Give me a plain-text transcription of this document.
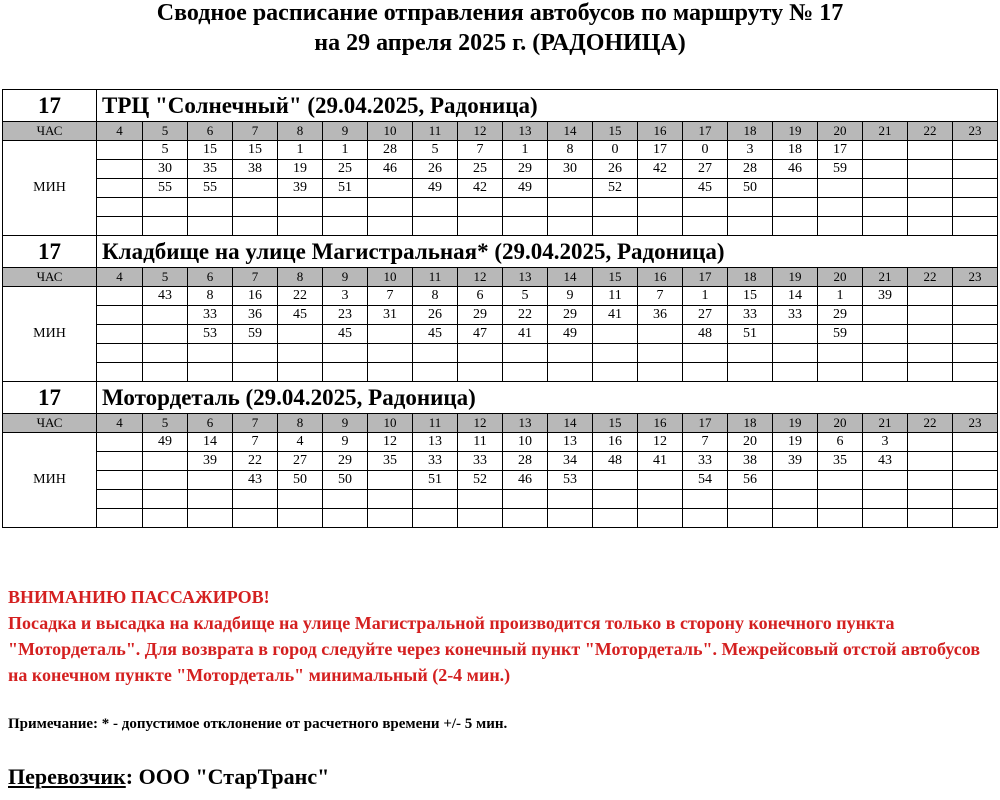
Сводное расписание отправления автобусов по маршруту № 17
на 29 апреля 2025 г. (РАДОНИЦА)
17	ТРЦ "Солнечный" (29.04.2025, Радоница)																			
ЧАС	4	5	6	7	8	9	10	11	12	13	14	15	16	17	18	19	20	21	22	23
МИН		5	15	15	1	1	28	5	7	1	8	0	17	0	3	18	17			
		30	35	38	19	25	46	26	25	29	30	26	42	27	28	46	59			
		55	55		39	51		49	42	49		52		45	50					

17	Кладбище на улице Магистральная* (29.04.2025, Радоница)																			
ЧАС	4	5	6	7	8	9	10	11	12	13	14	15	16	17	18	19	20	21	22	23
МИН		43	8	16	22	3	7	8	6	5	9	11	7	1	15	14	1	39		
			33	36	45	23	31	26	29	22	29	41	36	27	33	33	29			
			53	59		45		45	47	41	49			48	51		59			

17	Мотордеталь (29.04.2025, Радоница)																			
ЧАС	4	5	6	7	8	9	10	11	12	13	14	15	16	17	18	19	20	21	22	23
МИН		49	14	7	4	9	12	13	11	10	13	16	12	7	20	19	6	3		
			39	22	27	29	35	33	33	28	34	48	41	33	38	39	35	43		
				43	50	50		51	52	46	53			54	56					

ВНИМАНИЮ ПАССАЖИРОВ!
Посадка и высадка на кладбище на улице Магистральной производится только в сторону конечного пункта "Мотордеталь". Для возврата в город следуйте через конечный пункт "Мотордеталь". Межрейсовый отстой автобусов на конечном пункте "Мотордеталь" минимальный (2-4 мин.)
Примечание: * - допустимое отклонение от расчетного времени +/- 5 мин.
Перевозчик: ООО "СтарТранс"
